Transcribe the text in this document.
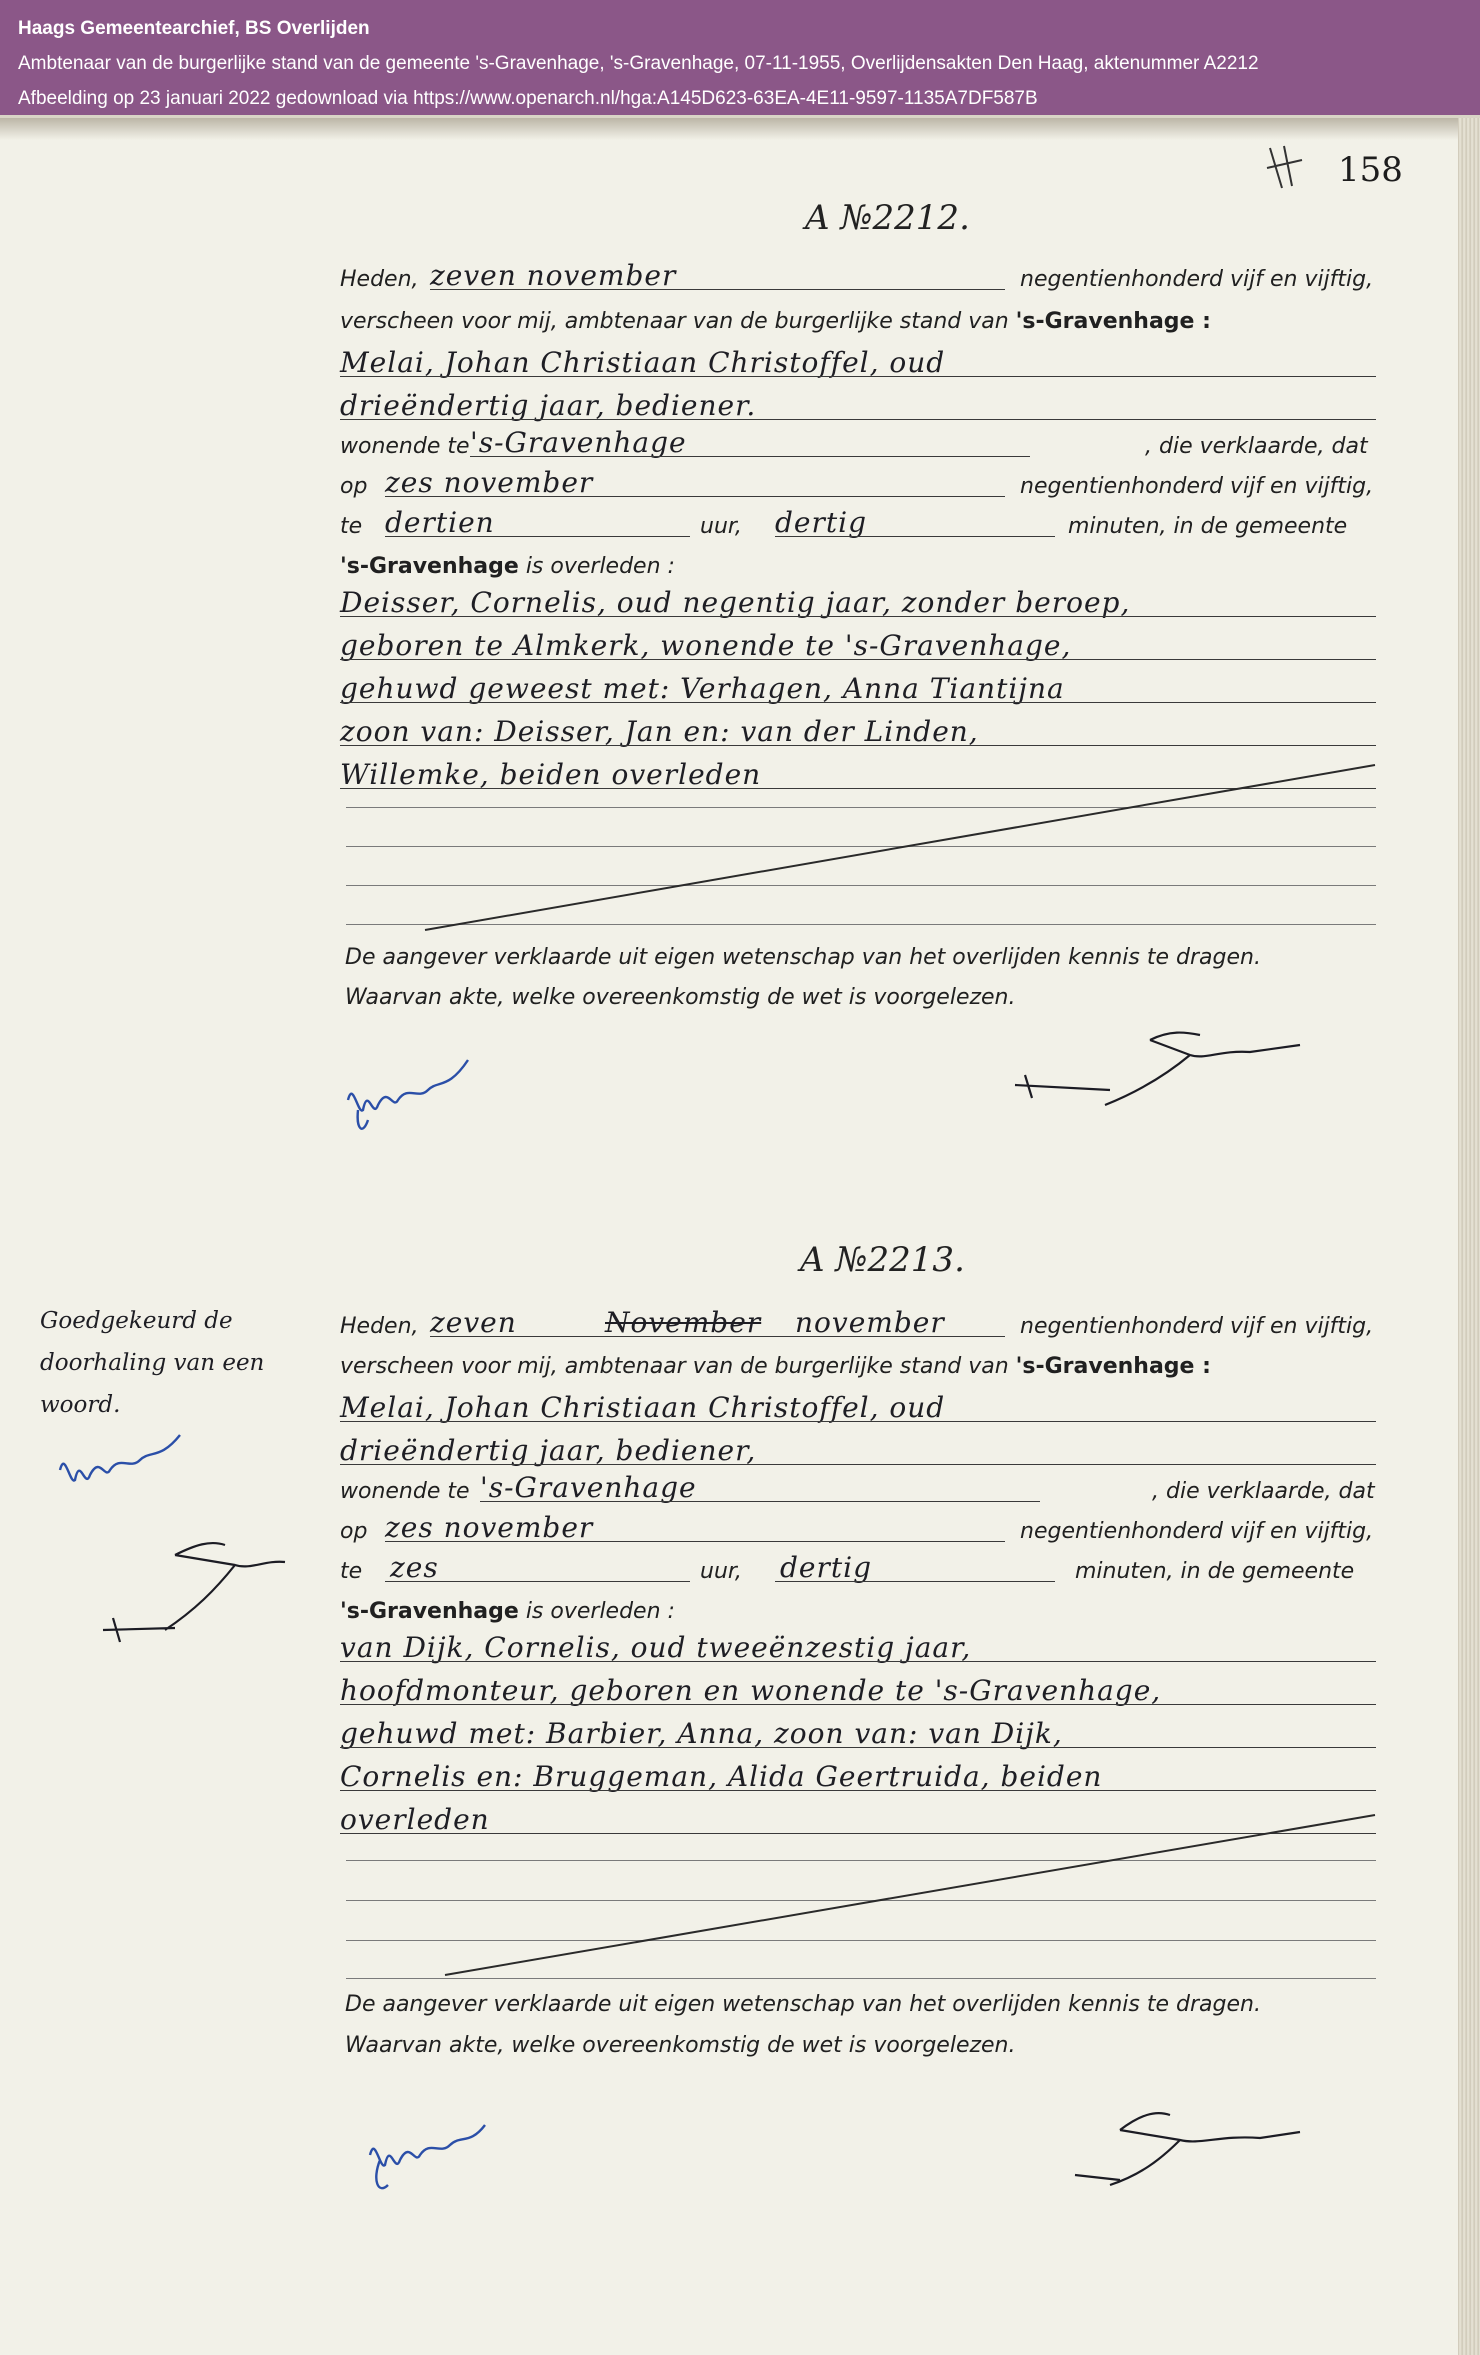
Haags Gemeentearchief, BS Overlijden
Ambtenaar van de burgerlijke stand van de gemeente 's-Gravenhage, 's-Gravenhage, 07-11-1955, Overlijdensakten Den Haag, aktenummer A2212
Afbeelding op 23 januari 2022 gedownload via https://www.openarch.nl/hga:A145D623-63EA-4E11-9597-1135A7DF587B
158
A №2212.
Heden, zeven november	negentienhonderd vijf en vijftig,
verscheen voor mij, ambtenaar van de burgerlijke stand van 's-Gravenhage :
Melai, Johan Christiaan Christoffel, oud
drieëndertig jaar, bediener.
wonende te 's-Gravenhage	, die verklaarde, dat
op zes november	negentienhonderd vijf en vijftig,
te dertien	uur, dertig	minuten, in de gemeente
's-Gravenhage is overleden :
Deisser, Cornelis, oud negentig jaar, zonder beroep,
geboren te Almkerk, wonende te 's-Gravenhage,
gehuwd geweest met: Verhagen, Anna Tiantijna
zoon van: Deisser, Jan en: van der Linden,
Willemke, beiden overleden
De aangever verklaarde uit eigen wetenschap van het overlijden kennis te dragen.
Waarvan akte, welke overeenkomstig de wet is voorgelezen.
A №2213.
Heden, zeven	November november	negentienhonderd vijf en vijftig,
verscheen voor mij, ambtenaar van de burgerlijke stand van 's-Gravenhage :
Melai, Johan Christiaan Christoffel, oud
drieëndertig jaar, bediener,
wonende te 's-Gravenhage	, die verklaarde, dat
op zes november	negentienhonderd vijf en vijftig,
te zes	uur, dertig	minuten, in de gemeente
's-Gravenhage is overleden :
van Dijk, Cornelis, oud tweeënzestig jaar,
hoofdmonteur, geboren en wonende te 's-Gravenhage,
gehuwd met: Barbier, Anna, zoon van: van Dijk,
Cornelis en: Bruggeman, Alida Geertruida, beiden
overleden
De aangever verklaarde uit eigen wetenschap van het overlijden kennis te dragen.
Waarvan akte, welke overeenkomstig de wet is voorgelezen.
Goedgekeurd de
doorhaling van een
woord.
